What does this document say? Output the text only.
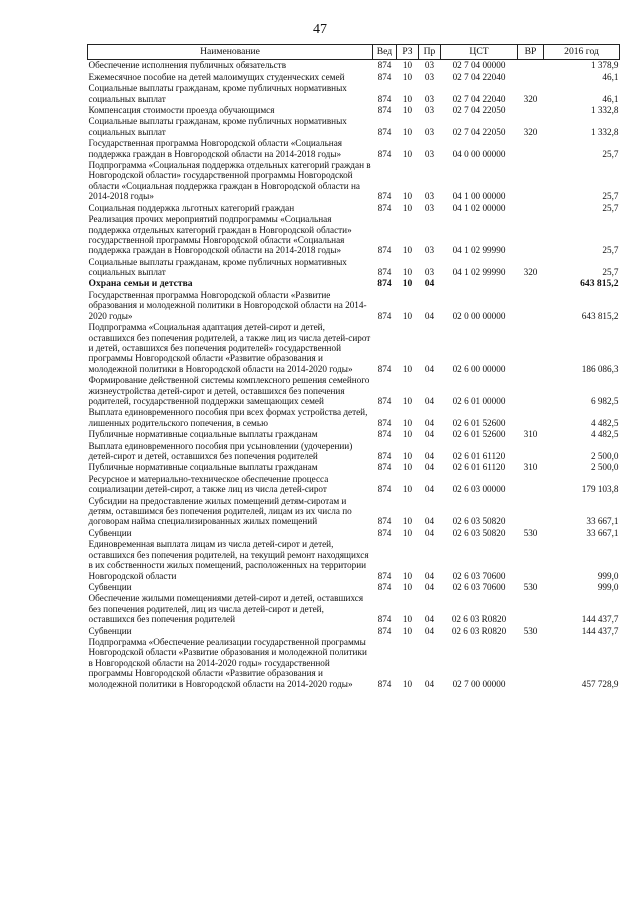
47
Наименование	Вед	РЗ	Пр	ЦСТ	ВР	2016 год
Обеспечение исполнения публичных обязательств	874	10	03	02 7 04 00000		1 378,9
Ежемесячное пособие на детей малоимущих студенческих семей	874	10	03	02 7 04 22040		46,1
Социальные выплаты гражданам, кроме публичных нормативных социальных выплат	874	10	03	02 7 04 22040	320	46,1
Компенсация стоимости проезда обучающимся	874	10	03	02 7 04 22050		1 332,8
Социальные выплаты гражданам, кроме публичных нормативных социальных выплат	874	10	03	02 7 04 22050	320	1 332,8
Государственная программа Новгородской области «Социальная поддержка граждан в Новгородской области на 2014-2018 годы»	874	10	03	04 0 00 00000		25,7
Подпрограмма «Социальная поддержка отдельных категорий граждан в Новгородской области» государственной программы Новгородской области «Социальная поддержка граждан в Новгородской области на 2014-2018 годы»	874	10	03	04 1 00 00000		25,7
Социальная поддержка льготных категорий граждан	874	10	03	04 1 02 00000		25,7
Реализация прочих мероприятий подпрограммы «Социальная поддержка отдельных категорий граждан в Новгородской области» государственной программы Новгородской области «Социальная поддержка граждан в Новгородской области на 2014-2018 годы»	874	10	03	04 1 02 99990		25,7
Социальные выплаты гражданам, кроме публичных нормативных социальных выплат	874	10	03	04 1 02 99990	320	25,7
Охрана семьи и детства	874	10	04			643 815,2
Государственная программа Новгородской области «Развитие образования и молодежной политики в Новгородской области на 2014-2020 годы»	874	10	04	02 0 00 00000		643 815,2
Подпрограмма «Социальная адаптация детей-сирот и детей, оставшихся без попечения родителей, а также лиц из числа детей-сирот и детей, оставшихся без попечения родителей» государственной программы Новгородской области «Развитие образования и молодежной политики в Новгородской области на 2014-2020 годы»	874	10	04	02 6 00 00000		186 086,3
Формирование действенной системы комплексного решения семейного жизнеустройства детей-сирот и детей, оставшихся без попечения родителей, государственной поддержки замещающих семей	874	10	04	02 6 01 00000		6 982,5
Выплата единовременного пособия при всех формах устройства детей, лишенных родительского попечения, в семью	874	10	04	02 6 01 52600		4 482,5
Публичные нормативные социальные выплаты гражданам	874	10	04	02 6 01 52600	310	4 482,5
Выплата единовременного пособия при усыновлении (удочерении) детей-сирот и детей, оставшихся без попечения родителей	874	10	04	02 6 01 61120		2 500,0
Публичные нормативные социальные выплаты гражданам	874	10	04	02 6 01 61120	310	2 500,0
Ресурсное и материально-техническое обеспечение процесса социализации детей-сирот, а также лиц из числа детей-сирот	874	10	04	02 6 03 00000		179 103,8
Субсидии на предоставление жилых помещений детям-сиротам и детям, оставшимся без попечения родителей, лицам из их числа по договорам найма специализированных жилых помещений	874	10	04	02 6 03 50820		33 667,1
Субвенции	874	10	04	02 6 03 50820	530	33 667,1
Единовременная выплата лицам из числа детей-сирот и детей, оставшихся без попечения родителей, на текущий ремонт находящихся в их собственности жилых помещений, расположенных на территории Новгородской области	874	10	04	02 6 03 70600		999,0
Субвенции	874	10	04	02 6 03 70600	530	999,0
Обеспечение жилыми помещениями детей-сирот и детей, оставшихся без попечения родителей, лиц из числа детей-сирот и детей, оставшихся без попечения родителей	874	10	04	02 6 03 R0820		144 437,7
Субвенции	874	10	04	02 6 03 R0820	530	144 437,7
Подпрограмма «Обеспечение реализации государственной программы Новгородской области «Развитие образования и молодежной политики в Новгородской области на 2014-2020 годы» государственной программы Новгородской области «Развитие образования и молодежной политики в Новгородской области на 2014-2020 годы»	874	10	04	02 7 00 00000		457 728,9
